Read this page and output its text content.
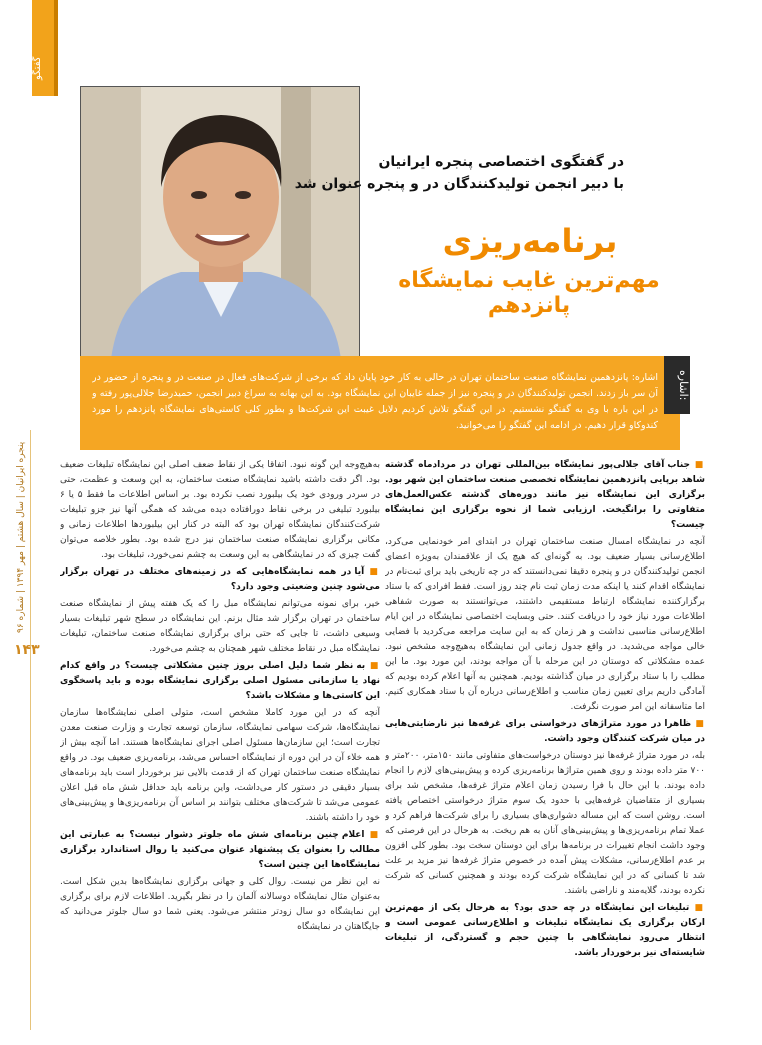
گفتگو
در گفتگوی اختصاصی پنجره ایرانیان
با دبیر انجمن تولیدکنندگان در و پنجره عنوان شد
برنامه‌ریزی
مهم‌ترین غایب نمایشگاه پانزدهم
اشاره:
اشاره: پانزدهمین نمایشگاه صنعت ساختمان تهران در حالی به کار خود پایان داد که برخی از شرکت‌های فعال در صنعت در و پنجره از حضور در آن سر باز زدند. انجمن تولیدکنندگان در و پنجره نیز از جمله غایبان این نمایشگاه بود. به این بهانه به سراغ دبیر انجمن، حمیدرضا جلالی‌پور رفته و در این باره با وی به گفتگو نشستیم. در این گفتگو تلاش کردیم دلایل غیبت این شرکت‌ها و بطور کلی کاستی‌های نمایشگاه پانزدهم را مورد کندوکاو قرار دهیم. در ادامه این گفتگو را می‌خوانید.

■ جناب آقای جلالی‌پور نمایشگاه بین‌المللی تهران در مردادماه گذشته شاهد برپایی پانزدهمین نمایشگاه تخصصی صنعت ساختمان این شهر بود. برگزاری این نمایشگاه نیز مانند دوره‌های گذشته عکس‌العمل‌های متفاوتی را برانگیخت. ارزیابی شما از نحوه برگزاری این نمایشگاه چیست؟

آنچه در نمایشگاه امسال صنعت ساختمان تهران در ابتدای امر خودنمایی می‌کرد، اطلاع‌رسانی بسیار ضعیف بود. به گونه‌ای که هیچ یک از علاقمندان به‌ویژه اعضای انجمن تولیدکنندگان در و پنجره دقیقا نمی‌دانستند که در چه تاریخی باید برای ثبت‌نام در نمایشگاه اقدام کنند یا اینکه مدت زمان ثبت نام چند روز است. فقط افرادی که با ستاد برگزارکننده نمایشگاه ارتباط مستقیمی داشتند، می‌توانستند به صورت شفاهی اطلاعات مورد نیاز خود را دریافت کنند. حتی وبسایت اختصاصی نمایشگاه در این ایام اطلاع‌رسانی مناسبی نداشت و هر زمان که به این سایت مراجعه می‌کردید با فضایی خالی مواجه می‌شدید. در واقع جدول زمانی این نمایشگاه به‌هیچ‌وجه مشخص نبود. عمده مشکلاتی که دوستان در این مرحله با آن مواجه بودند، این مورد بود. ما این مطلب را با ستاد برگزاری در میان گذاشته بودیم. همچنین به آنها اعلام کرده بودیم که آمادگی داریم برای تعیین زمان مناسب و اطلاع‌رسانی درباره آن با ستاد همکاری کنیم. اما متاسفانه این امر صورت نگرفت.

■ ظاهرا در مورد متراژهای درخواستی برای غرفه‌ها نیز نارضایتی‌هایی در میان شرکت کنندگان وجود داشت.

بله، در مورد متراژ غرفه‌ها نیز دوستان درخواست‌های متفاوتی مانند ۱۵۰متر، ۲۰۰متر و ۷۰۰ متر داده بودند و روی همین متراژها برنامه‌ریزی کرده و پیش‌بینی‌های لازم را انجام داده بودند. با این حال با فرا رسیدن زمان اعلام متراژ غرفه‌ها، مشخص شد برای بسیاری از متقاضیان غرفه‌هایی با حدود یک سوم متراژ درخواستی اختصاص یافته است. روشن است که این مساله دشواری‌های بسیاری را برای شرکت‌ها فراهم کرد و عملا تمام برنامه‌ریزی‌ها و پیش‌بینی‌های آنان به هم ریخت. به هرحال در این فرصتی که وجود داشت انجام تغییرات در برنامه‌ها برای این دوستان سخت بود. بطور کلی افزون بر عدم اطلاع‌رسانی، مشکلات پیش آمده در خصوص متراژ غرفه‌ها نیز مزید بر علت شد تا کسانی که در این نمایشگاه شرکت کرده بودند و همچنین کسانی که شرکت نکرده بودند، گلایه‌مند و ناراضی باشند.

■ تبلیغات این نمایشگاه در چه حدی بود؟ به هرحال یکی از مهم‌ترین ارکان برگزاری یک نمایشگاه تبلیغات و اطلاع‌رسانی عمومی است و انتظار می‌رود نمایشگاهی با چنین حجم و گستردگی، از تبلیغات شایسته‌ای نیز برخوردار باشد.

به‌هیچ‌وجه این گونه نبود. اتفاقا یکی از نقاط ضعف اصلی این نمایشگاه تبلیغات ضعیف بود. اگر دقت داشته باشید نمایشگاه صنعت ساختمان، به این وسعت و عظمت، حتی در سردر ورودی خود یک بیلبورد نصب نکرده بود. بر اساس اطلاعات ما فقط ۵ یا ۶ بیلبورد تبلیغی در برخی نقاط دورافتاده دیده می‌شد که همگی آنها نیز جزو تبلیغات شرکت‌کنندگان نمایشگاه تهران بود که البته در کنار این بیلبوردها اطلاعات زمانی و مکانی برگزاری نمایشگاه صنعت ساختمان نیز درج شده بود. بطور خلاصه می‌توان گفت چیزی که در نمایشگاهی به این وسعت به چشم نمی‌خورد، تبلیغات بود.

■ آیا در همه نمایشگاه‌هایی که در زمینه‌های مختلف در تهران برگزار می‌شود چنین وضعیتی وجود دارد؟

خیر، برای نمونه می‌توانم نمایشگاه مبل را که یک هفته پیش از نمایشگاه صنعت ساختمان در تهران برگزار شد مثال بزنم. این نمایشگاه در سطح شهر تبلیغات بسیار وسیعی داشت، تا جایی که حتی برای برگزاری نمایشگاه صنعت ساختمان، تبلیغات نمایشگاه مبل در نقاط مختلف شهر همچنان به چشم می‌خورد.

■ به نظر شما دلیل اصلی بروز چنین مشکلاتی چیست؟ در واقع کدام نهاد یا سازمانی مسئول اصلی برگزاری نمایشگاه بوده و باید پاسخگوی این کاستی‌ها و مشکلات باشد؟

آنچه که در این مورد کاملا مشخص است، متولی اصلی نمایشگاه‌ها سازمان نمایشگاه‌ها، شرکت سهامی نمایشگاه، سازمان توسعه تجارت و وزارت صنعت معدن تجارت است؛ این سازمان‌ها مسئول اصلی اجرای نمایشگاه‌ها هستند. اما آنچه بیش از همه خلاء آن در این دوره از نمایشگاه احساس می‌شد، برنامه‌ریزی ضعیف بود. در واقع نمایشگاه صنعت ساختمان تهران که از قدمت بالایی نیز برخوردار است باید برنامه‌های بسیار دقیقی در دستور کار می‌داشت، واین برنامه باید حداقل شش ماه قبل اعلان عمومی می‌شد تا شرکت‌های مختلف بتوانند بر اساس آن برنامه‌ریزی‌ها و پیش‌بینی‌های خود را داشته باشند.

■ اعلام چنین برنامه‌ای شش ماه جلوتر دشوار نیست؟ به عبارتی این مطالب را بعنوان یک پیشنهاد عنوان می‌کنید یا روال استاندارد برگزاری نمایشگاه‌ها این چنین است؟

نه این نظر من نیست. روال کلی و جهانی برگزاری نمایشگاه‌ها بدین شکل است. به‌عنوان مثال نمایشگاه دوسالانه آلمان را در نظر بگیرید. اطلاعات لازم برای برگزاری این نمایشگاه دو سال زودتر منتشر می‌شود. یعنی شما دو سال جلوتر می‌دانید که جایگاهتان در نمایشگاه

پنجره ایرانیان | سال هشتم | مهر ۱۳۹۴ | شماره ۹۶
۱۴۳
